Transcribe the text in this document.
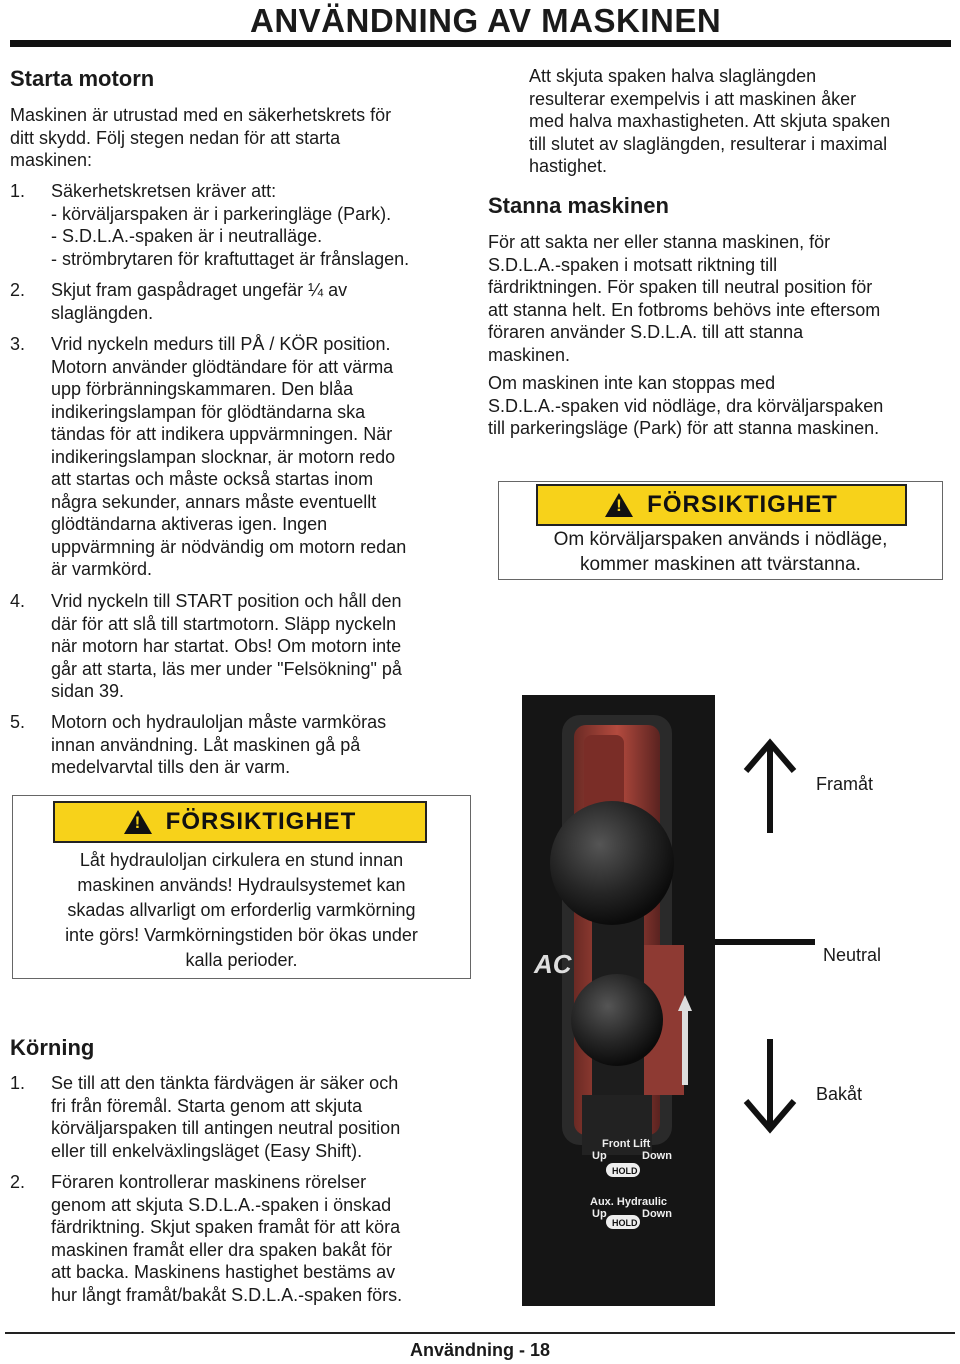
ANVÄNDNING AV MASKINEN
Starta motorn
Maskinen är utrustad med en säkerhetskrets för
ditt skydd. Följ stegen nedan för att starta
maskinen:
1. Säkerhetskretsen kräver att:
- körväljarspaken är i parkeringläge (Park).
- S.D.L.A.-spaken är i neutralläge.
- strömbrytaren för kraftuttaget är frånslagen.
2. Skjut fram gaspådraget ungefär ¼ av
slaglängden.
3. Vrid nyckeln medurs till PÅ / KÖR position.
Motorn använder glödtändare för att värma
upp förbränningskammaren. Den blåa
indikeringslampan för glödtändarna ska
tändas för att indikera uppvärmningen. När
indikeringslampan slocknar, är motorn redo
att startas och måste också startas inom
några sekunder, annars måste eventuellt
glödtändarna aktiveras igen. Ingen
uppvärmning är nödvändig om motorn redan
är varmkörd.
4. Vrid nyckeln till START position och håll den
där för att slå till startmotorn. Släpp nyckeln
när motorn har startat. Obs! Om motorn inte
går att starta, läs mer under "Felsökning" på
sidan 39.
5. Motorn och hydrauloljan måste varmköras
innan användning. Låt maskinen gå på
medelvarvtal tills den är varm.
!
FÖRSIKTIGHET
Låt hydrauloljan cirkulera en stund innan
maskinen används! Hydraulsystemet kan
skadas allvarligt om erforderlig varmkörning
inte görs! Varmkörningstiden bör ökas under
kalla perioder.
Körning
1. Se till att den tänkta färdvägen är säker och
fri från föremål. Starta genom att skjuta
körväljarspaken till antingen neutral position
eller till enkelväxlingsläget (Easy Shift).
2. Föraren kontrollerar maskinens rörelser
genom att skjuta S.D.L.A.-spaken i önskad
färdriktning. Skjut spaken framåt för att köra
maskinen framåt eller dra spaken bakåt för
att backa. Maskinens hastighet bestäms av
hur långt framåt/bakåt S.D.L.A.-spaken förs.
Att skjuta spaken halva slaglängden
resulterar exempelvis i att maskinen åker
med halva maxhastigheten. Att skjuta spaken
till slutet av slaglängden, resulterar i maximal
hastighet.
Stanna maskinen
För att sakta ner eller stanna maskinen, för
S.D.L.A.-spaken i motsatt riktning till
färdriktningen. För spaken till neutral position för
att stanna helt. En fotbroms behövs inte eftersom
föraren använder S.D.L.A. till att stanna
maskinen.
Om maskinen inte kan stoppas med
S.D.L.A.-spaken vid nödläge, dra körväljarspaken
till parkeringsläge (Park) för att stanna maskinen.
!
FÖRSIKTIGHET
Om körväljarspaken används i nödläge,
kommer maskinen att tvärstanna.
AC
Front Lift
Up	Down
HOLD
Aux. Hydraulic
Up	Down
HOLD
Framåt
Neutral
Bakåt
Användning - 18
